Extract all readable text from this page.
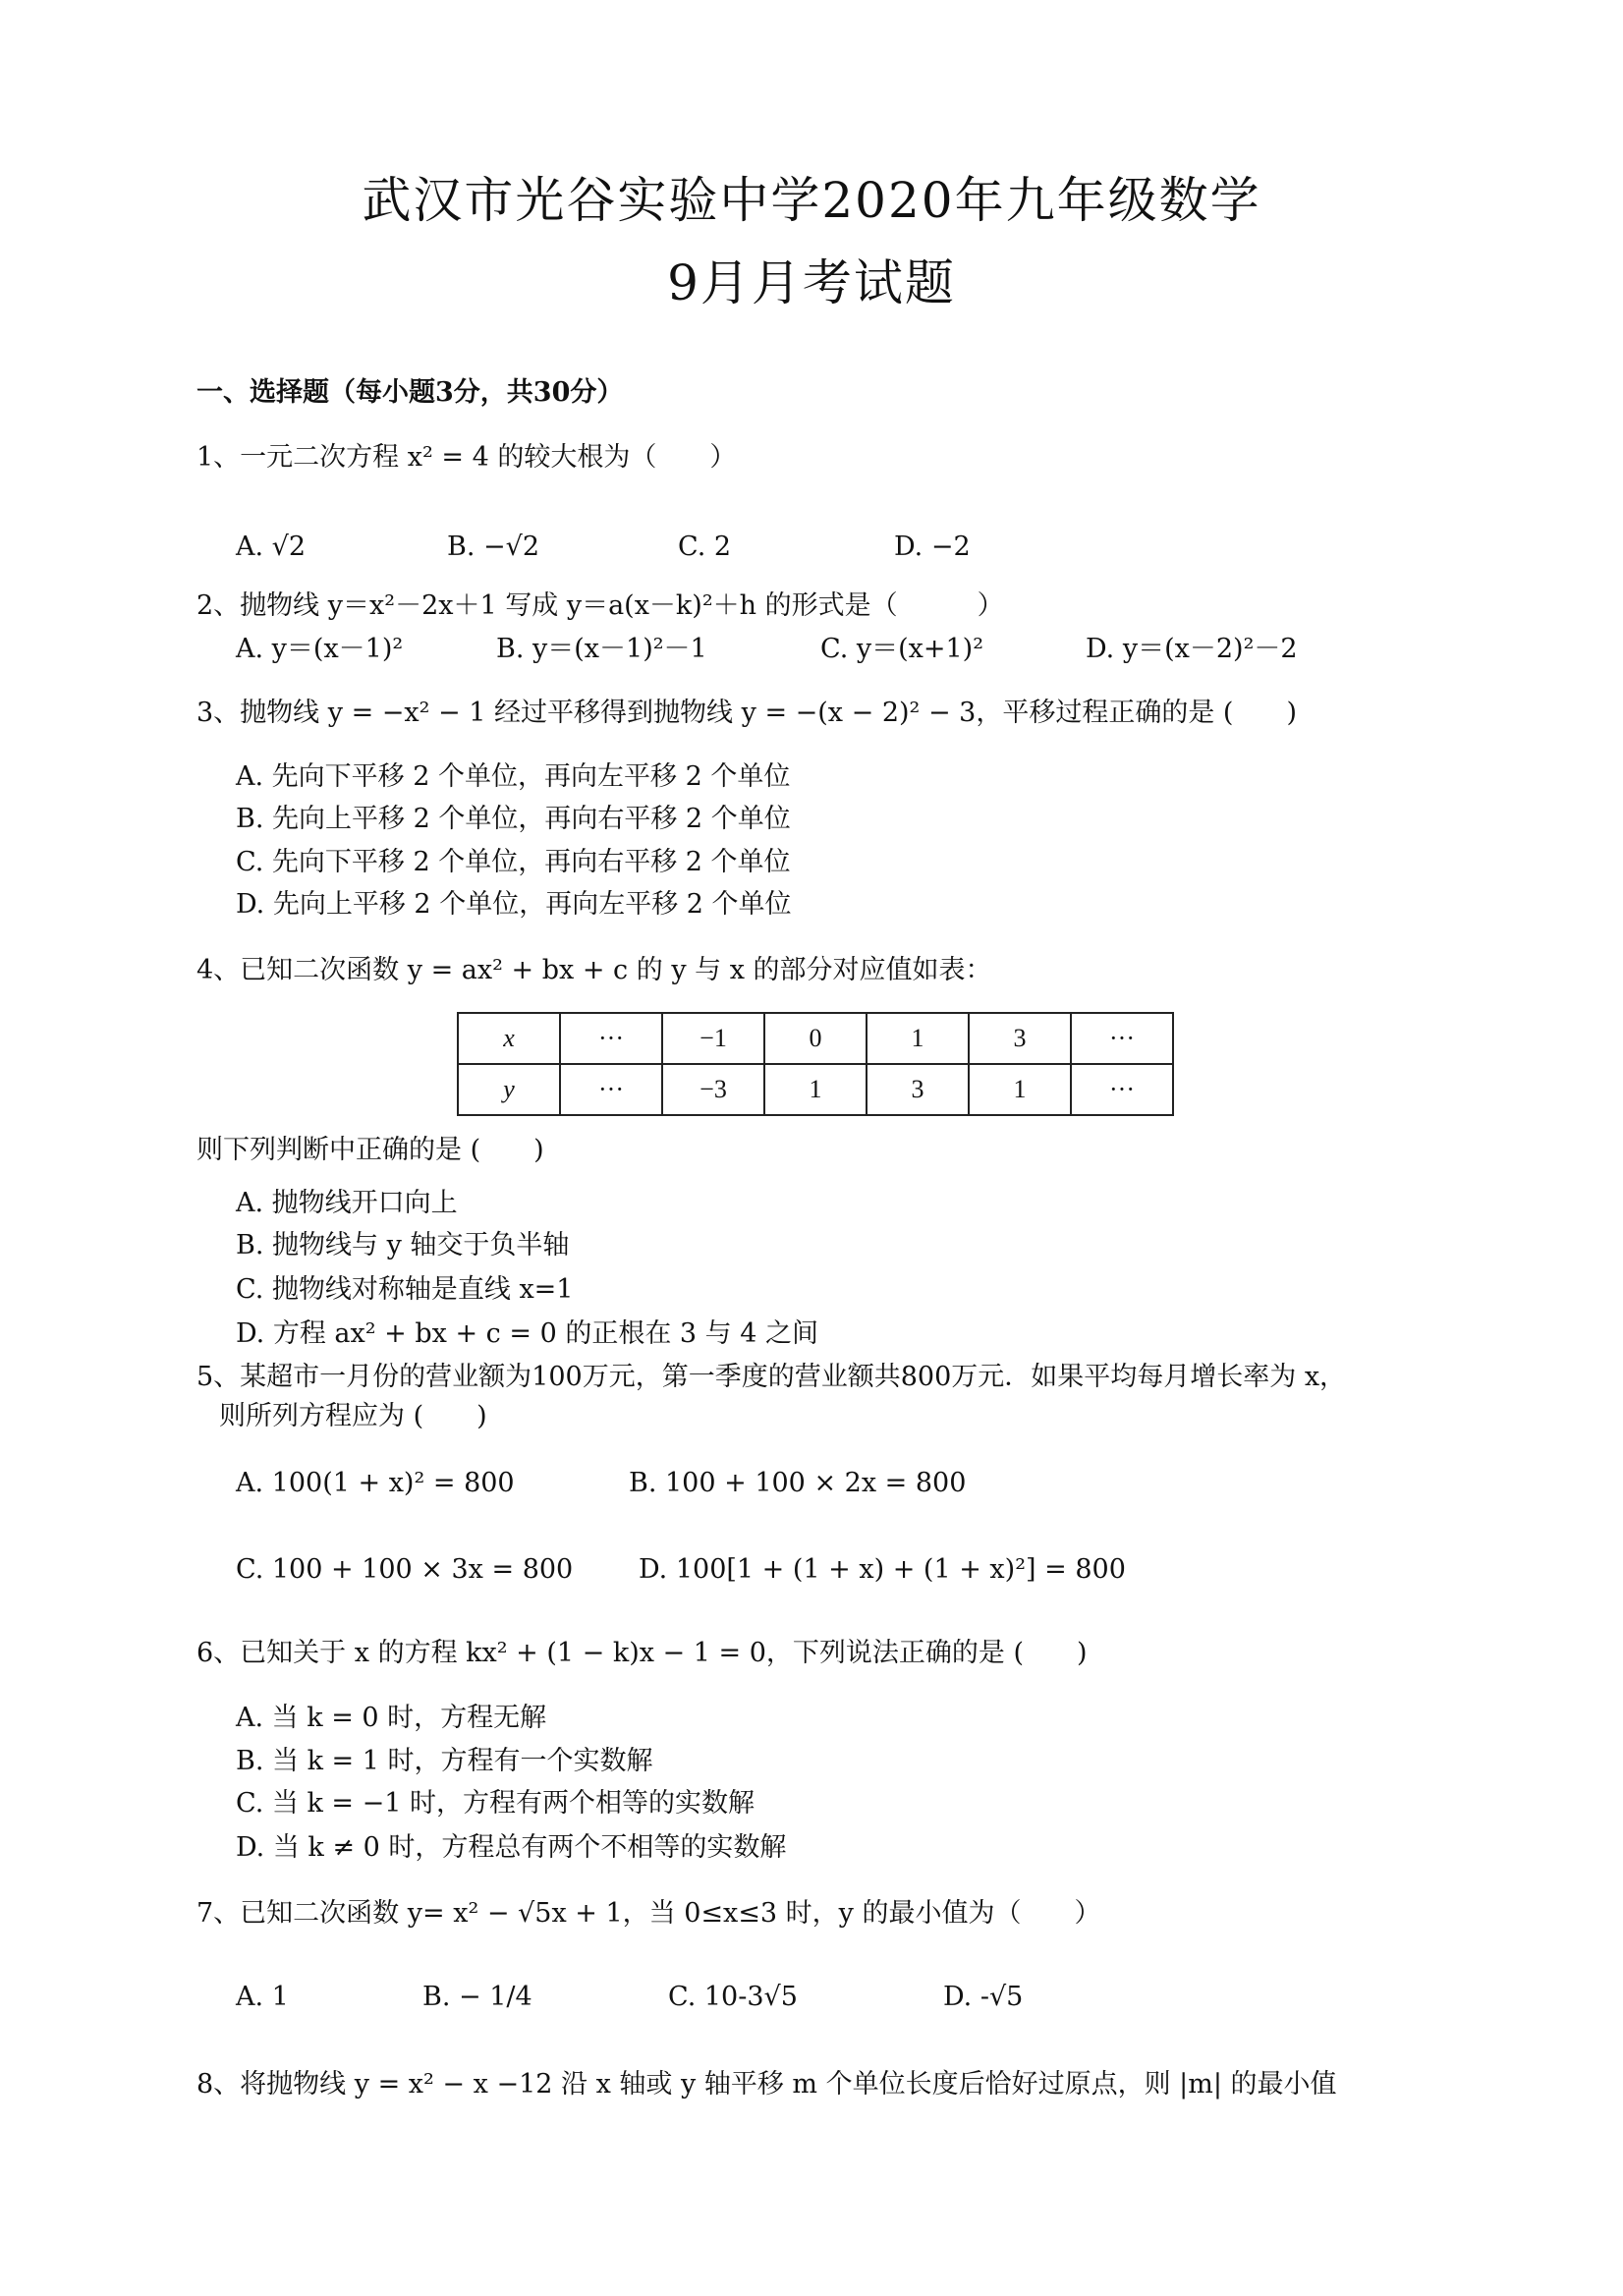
武汉市光谷实验中学2020年九年级数学
9月月考试题
一、选择题（每小题3分，共30分）
1、一元二次方程 x² = 4 的较大根为（　　）
A. √2	B. −√2	C. 2	D. −2
2、抛物线 y＝x²－2x＋1 写成 y＝a(x－k)²＋h 的形式是（　　　）
A. y＝(x－1)²	B. y＝(x－1)²－1	C. y＝(x+1)²	D. y＝(x－2)²－2
3、抛物线 y = −x² − 1 经过平移得到抛物线 y = −(x − 2)² − 3，平移过程正确的是 (　　)
A. 先向下平移 2 个单位，再向左平移 2 个单位
B. 先向上平移 2 个单位，再向右平移 2 个单位
C. 先向下平移 2 个单位，再向右平移 2 个单位
D. 先向上平移 2 个单位，再向左平移 2 个单位
4、已知二次函数 y = ax² + bx + c 的 y 与 x 的部分对应值如表：
x	···	−1	0	1	3	···
y	···	−3	1	3	1	···
则下列判断中正确的是 (　　)
A. 抛物线开口向上
B. 抛物线与 y 轴交于负半轴
C. 抛物线对称轴是直线 x=1
D. 方程 ax² + bx + c = 0 的正根在 3 与 4 之间
5、某超市一月份的营业额为100万元，第一季度的营业额共800万元．如果平均每月增长率为 x，
则所列方程应为 (　　)
A. 100(1 + x)² = 800	B. 100 + 100 × 2x = 800
C. 100 + 100 × 3x = 800 D. 100[1 + (1 + x) + (1 + x)²] = 800
6、已知关于 x 的方程 kx² + (1 − k)x − 1 = 0，下列说法正确的是 (　　)
A. 当 k = 0 时，方程无解
B. 当 k = 1 时，方程有一个实数解
C. 当 k = −1 时，方程有两个相等的实数解
D. 当 k ≠ 0 时，方程总有两个不相等的实数解
7、已知二次函数 y= x² − √5x + 1，当 0≤x≤3 时，y 的最小值为（　　）
A. 1	B. − 1/4	C. 10-3√5	D. -√5
8、将抛物线 y = x² − x −12 沿 x 轴或 y 轴平移 m 个单位长度后恰好过原点，则 |m| 的最小值
